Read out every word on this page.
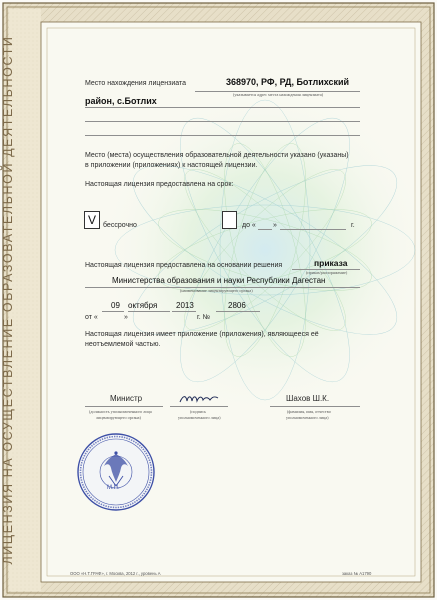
ЛИЦЕНЗИЯ НА ОСУЩЕСТВЛЕНИЕ ОБРАЗОВАТЕЛЬНОЙ ДЕЯТЕЛЬНОСТИ	Место нахождения лицензиата	368970, РФ, РД, Ботлихский
(указывается адрес места нахождения лицензиата)
район, с.Ботлих
Место (места) осуществления образовательной деятельности указано (указаны)
в приложении (приложениях) к настоящей лицензии.
Настоящая лицензия предоставлена на срок:
V	бессрочно	до « »	г.
Настоящая лицензия предоставлена на основании решения	приказа
(приказ/распоряжение)
Министерства образования и науки Республики Дагестан
(наименование лицензирующего органа)
09 октября 2013	2806
от «	»	г. №
Настоящая лицензия имеет приложение (приложения), являющееся её
неотъемлемой частью.
Министр
(должность уполномоченного лица
лицензирующего органа)
(подпись
уполномоченного лица)
Шахов Ш.К.
(фамилия, имя, отчество
уполномоченного лица)
М.П.
ООО «Н.Т.ГРАФ», г. Москва, 2012 г., уровень А	заказ № А1790
